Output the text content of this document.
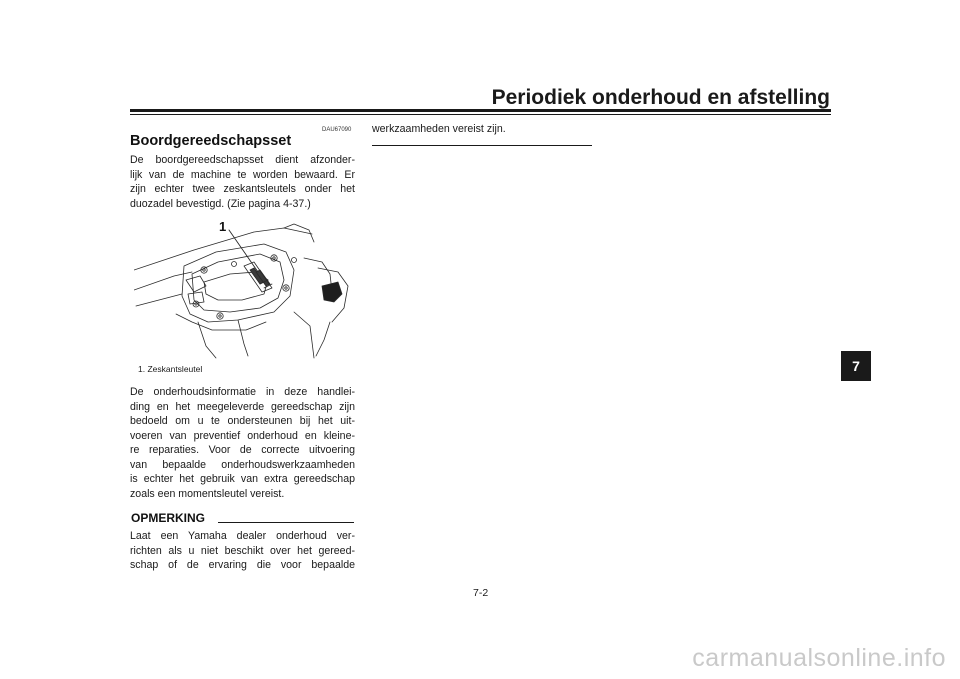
Periodiek onderhoud en afstelling
DAU67090
Boordgereedschapsset
De boordgereedschapsset dient afzonder-
lijk van de machine te worden bewaard. Er
zijn echter twee zeskantsleutels onder het
duozadel bevestigd. (Zie pagina 4-37.)
1
1. Zeskantsleutel
De onderhoudsinformatie in deze handlei-
ding en het meegeleverde gereedschap zijn
bedoeld om u te ondersteunen bij het uit-
voeren van preventief onderhoud en kleine-
re reparaties. Voor de correcte uitvoering
van bepaalde onderhoudswerkzaamheden
is echter het gebruik van extra gereedschap
zoals een momentsleutel vereist.
OPMERKING
Laat een Yamaha dealer onderhoud ver-
richten als u niet beschikt over het gereed-
schap of de ervaring die voor bepaalde
werkzaamheden vereist zijn.
7
7-2
carmanualsonline.info
